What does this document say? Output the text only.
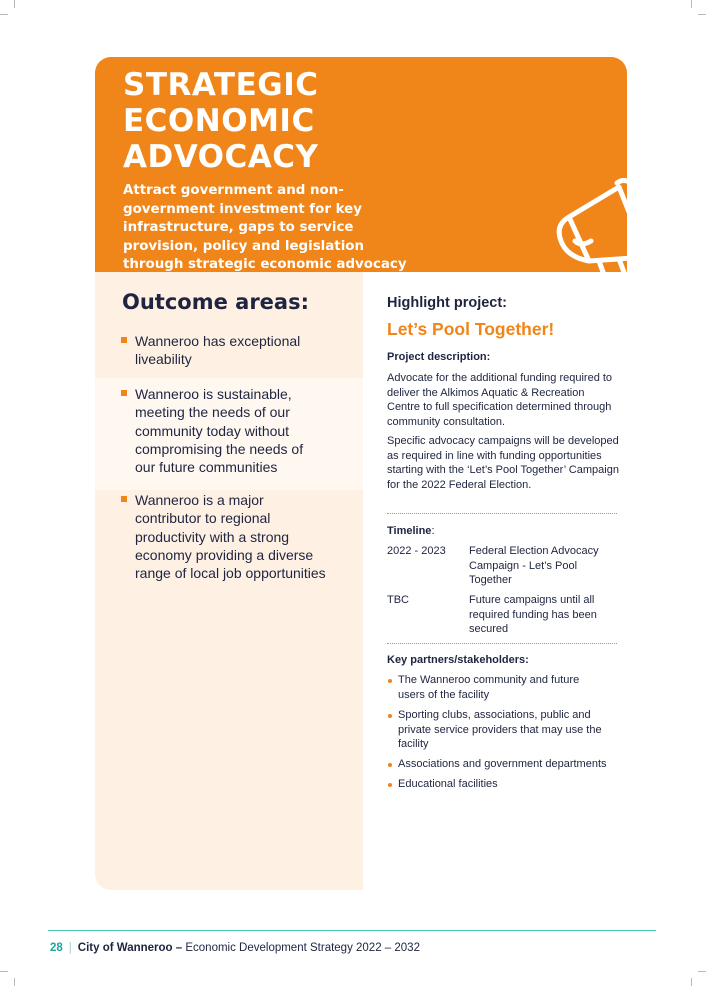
STRATEGIC
ECONOMIC
ADVOCACY

Attract government and non-government investment for key infrastructure, gaps to service provision, policy and legislation through strategic economic advocacy

Outcome areas:

Wanneroo has exceptional liveability

Wanneroo is sustainable, meeting the needs of our community today without compromising the needs of our future communities

Wanneroo is a major contributor to regional productivity with a strong economy providing a diverse range of local job opportunities

Highlight project:

Let’s Pool Together!

Project description:

Advocate for the additional funding required to deliver the Alkimos Aquatic & Recreation Centre to full specification determined through community consultation.

Specific advocacy campaigns will be developed as required in line with funding opportunities starting with the ‘Let’s Pool Together’ Campaign for the 2022 Federal Election.

Timeline:

2022 - 2023 Federal Election Advocacy Campaign - Let’s Pool Together

TBC	Future campaigns until all required funding has been secured

Key partners/stakeholders:

The Wanneroo community and future users of the facility

Sporting clubs, associations, public and private service providers that may use the facility

Associations and government departments

Educational facilities

28 | City of Wanneroo – Economic Development Strategy 2022 – 2032
